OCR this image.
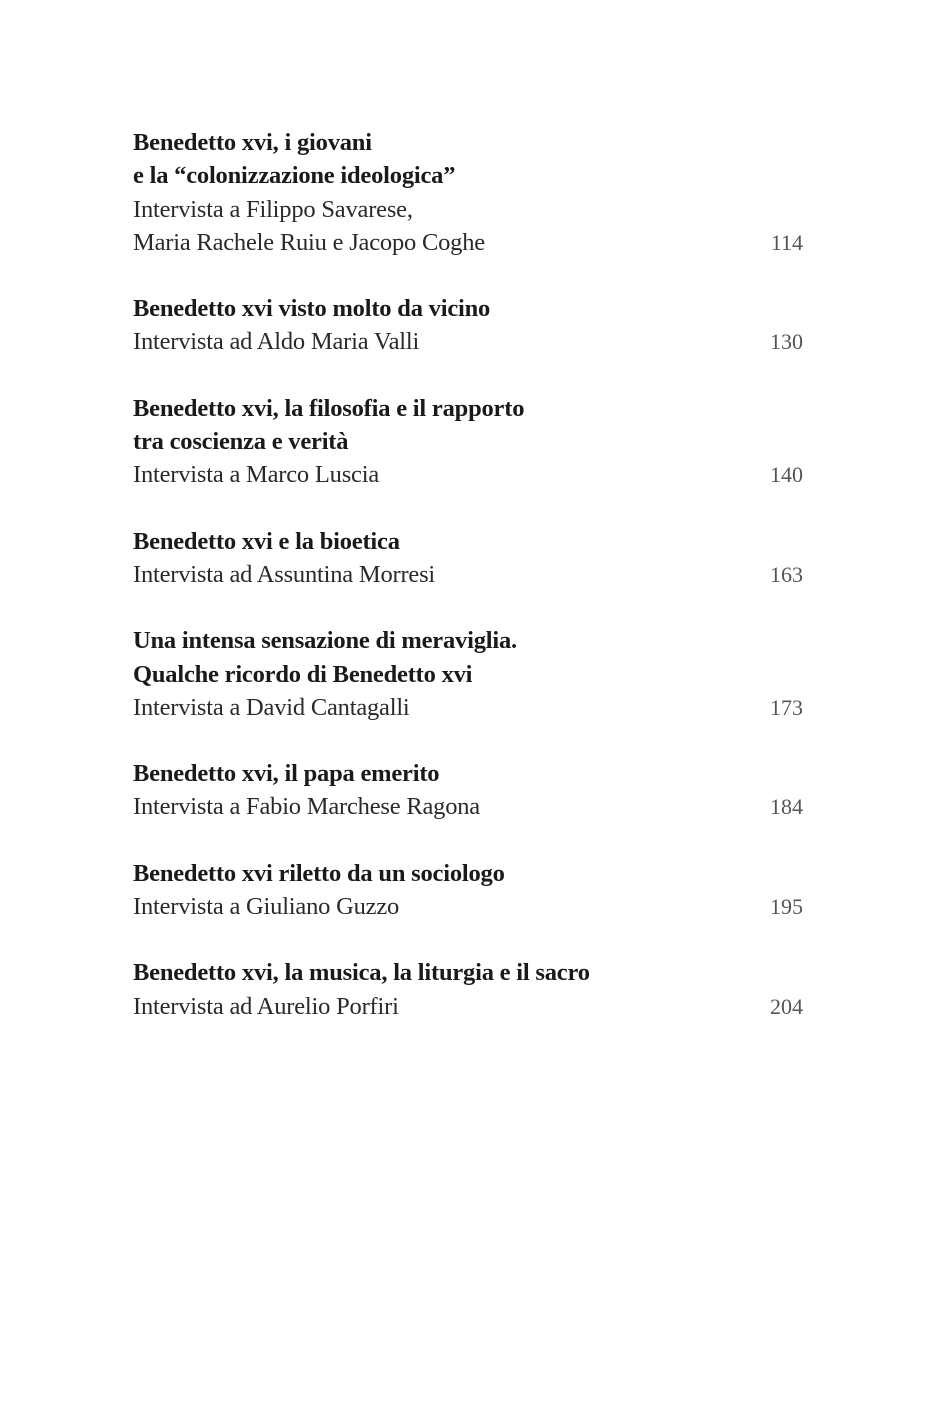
Benedetto xvi, i giovani
e la “colonizzazione ideologica”
Intervista a Filippo Savarese,
Maria Rachele Ruiu e Jacopo Coghe	114
Benedetto xvi visto molto da vicino
Intervista ad Aldo Maria Valli	130
Benedetto xvi, la filosofia e il rapporto
tra coscienza e verità
Intervista a Marco Luscia	140
Benedetto xvi e la bioetica
Intervista ad Assuntina Morresi	163
Una intensa sensazione di meraviglia.
Qualche ricordo di Benedetto xvi
Intervista a David Cantagalli	173
Benedetto xvi, il papa emerito
Intervista a Fabio Marchese Ragona	184
Benedetto xvi riletto da un sociologo
Intervista a Giuliano Guzzo	195
Benedetto xvi, la musica, la liturgia e il sacro
Intervista ad Aurelio Porfiri	204
